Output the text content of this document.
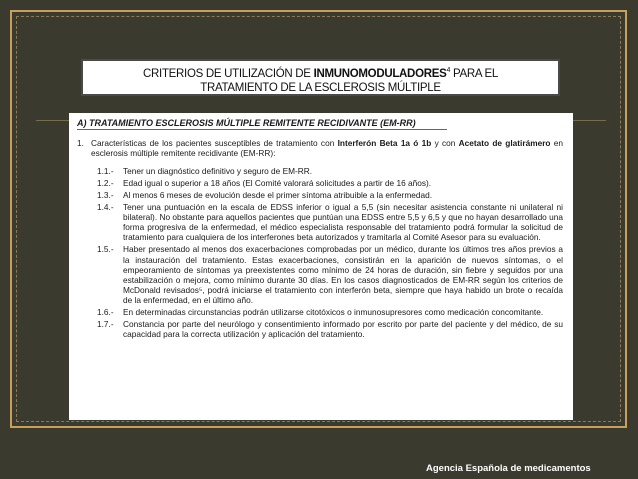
CRITERIOS DE UTILIZACIÓN DE INMUNOMODULADORES$^4$ PARA EL
TRATAMIENTO DE LA ESCLEROSIS MÚLTIPLE
A) TRATAMIENTO ESCLEROSIS MÚLTIPLE REMITENTE RECIDIVANTE (EM-RR)
1. Características de los pacientes susceptibles de tratamiento con Interferón Beta 1a ó 1b y con Acetato de glatirámero en esclerosis múltiple remitente recidivante (EM-RR):
1.1.-	Tener un diagnóstico definitivo y seguro de EM-RR.
1.2.-	Edad igual o superior a 18 años (El Comité valorará solicitudes a partir de 16 años).
1.3.-	Al menos 6 meses de evolución desde el primer síntoma atribuible a la enfermedad.
1.4.-	Tener una puntuación en la escala de EDSS inferior o igual a 5,5 (sin necesitar asistencia constante ni unilateral ni bilateral). No obstante para aquellos pacientes que puntúan una EDSS entre 5,5 y 6,5 y que no hayan desarrollado una forma progresiva de la enfermedad, el médico especialista responsable del tratamiento podrá formular la solicitud de tratamiento para cualquiera de los interferones beta autorizados y tramitarla al Comité Asesor para su evaluación.
1.5.-	Haber presentado al menos dos exacerbaciones comprobadas por un médico, durante los últimos tres años previos a la instauración del tratamiento. Estas exacerbaciones, consistirán en la aparición de nuevos síntomas, o el empeoramiento de síntomas ya preexistentes como mínimo de 24 horas de duración, sin fiebre y seguidos por una estabilización o mejora, como mínimo durante 30 días. En los casos diagnosticados de EM-RR según los criterios de McDonald revisados⁵, podrá iniciarse el tratamiento con interferón beta, siempre que haya habido un brote o recaída de la enfermedad, en el último año.
1.6.-	En determinadas circunstancias podrán utilizarse citotóxicos o inmunosupresores como medicación concomitante.
1.7.-	Constancia por parte del neurólogo y consentimiento informado por escrito por parte del paciente y del médico, de su capacidad para la correcta utilización y aplicación del tratamiento.
Agencia Española de medicamentos
